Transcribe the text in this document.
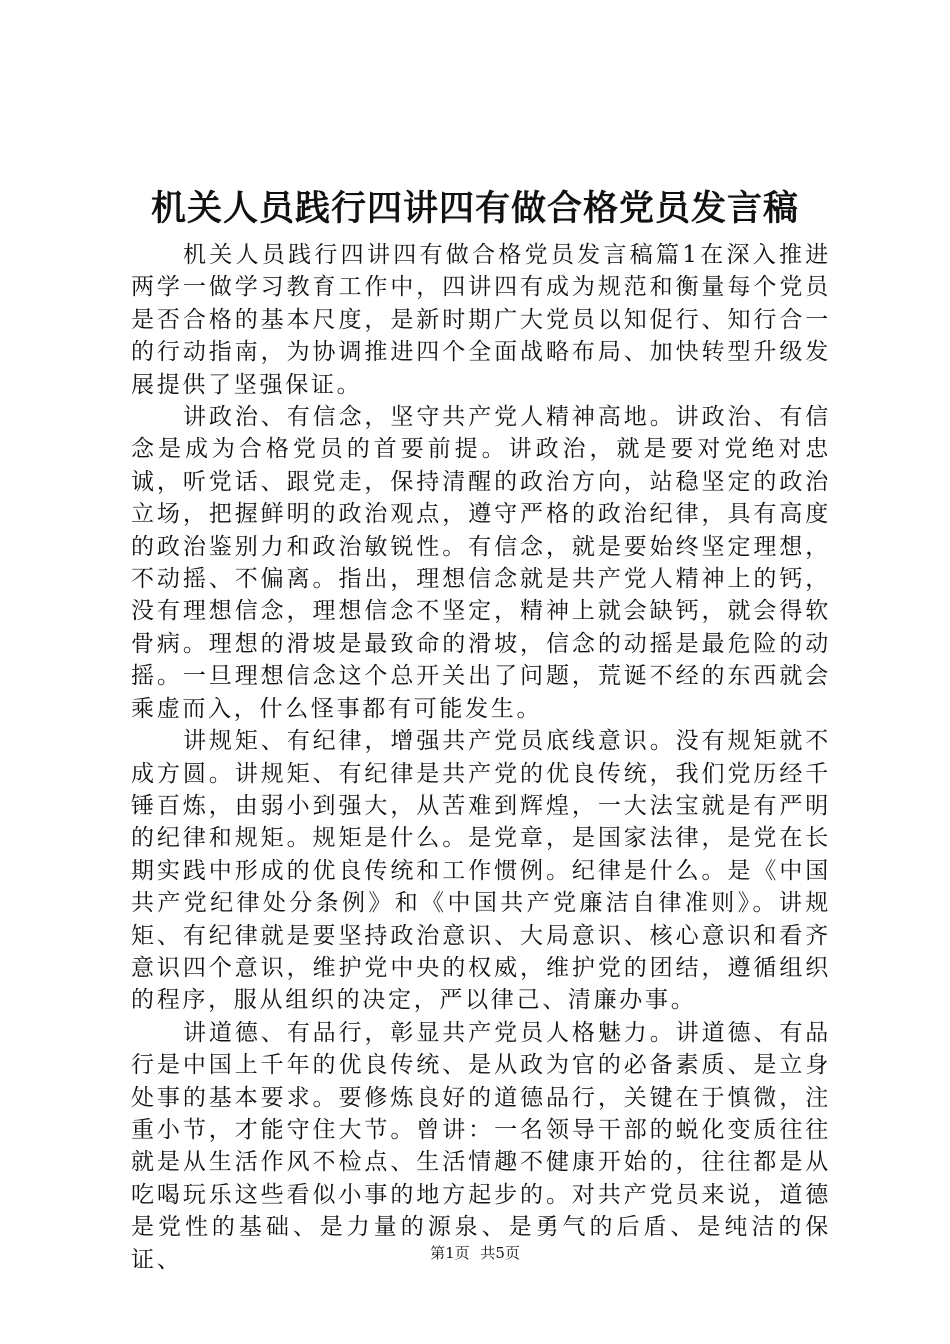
机关人员践行四讲四有做合格党员发言稿

机关人员践行四讲四有做合格党员发言稿篇1在深入推进两学一做学习教育工作中，四讲四有成为规范和衡量每个党员是否合格的基本尺度，是新时期广大党员以知促行、知行合一的行动指南，为协调推进四个全面战略布局、加快转型升级发展提供了坚强保证。

讲政治、有信念，坚守共产党人精神高地。讲政治、有信念是成为合格党员的首要前提。讲政治，就是要对党绝对忠诚，听党话、跟党走，保持清醒的政治方向，站稳坚定的政治立场，把握鲜明的政治观点，遵守严格的政治纪律，具有高度的政治鉴别力和政治敏锐性。有信念，就是要始终坚定理想，不动摇、不偏离。指出，理想信念就是共产党人精神上的钙，没有理想信念，理想信念不坚定，精神上就会缺钙，就会得软骨病。理想的滑坡是最致命的滑坡，信念的动摇是最危险的动摇。一旦理想信念这个总开关出了问题，荒诞不经的东西就会乘虚而入，什么怪事都有可能发生。

讲规矩、有纪律，增强共产党员底线意识。没有规矩就不成方圆。讲规矩、有纪律是共产党的优良传统，我们党历经千锤百炼，由弱小到强大，从苦难到辉煌，一大法宝就是有严明的纪律和规矩。规矩是什么。是党章，是国家法律，是党在长期实践中形成的优良传统和工作惯例。纪律是什么。是《中国共产党纪律处分条例》和《中国共产党廉洁自律准则》。讲规矩、有纪律就是要坚持政治意识、大局意识、核心意识和看齐意识四个意识，维护党中央的权威，维护党的团结，遵循组织的程序，服从组织的决定，严以律己、清廉办事。

讲道德、有品行，彰显共产党员人格魅力。讲道德、有品行是中国上千年的优良传统、是从政为官的必备素质、是立身处事的基本要求。要修炼良好的道德品行，关键在于慎微，注重小节，才能守住大节。曾讲：一名领导干部的蜕化变质往往就是从生活作风不检点、生活情趣不健康开始的，往往都是从吃喝玩乐这些看似小事的地方起步的。对共产党员来说，道德是党性的基础、是力量的源泉、是勇气的后盾、是纯洁的保证、	第1页 共5页
